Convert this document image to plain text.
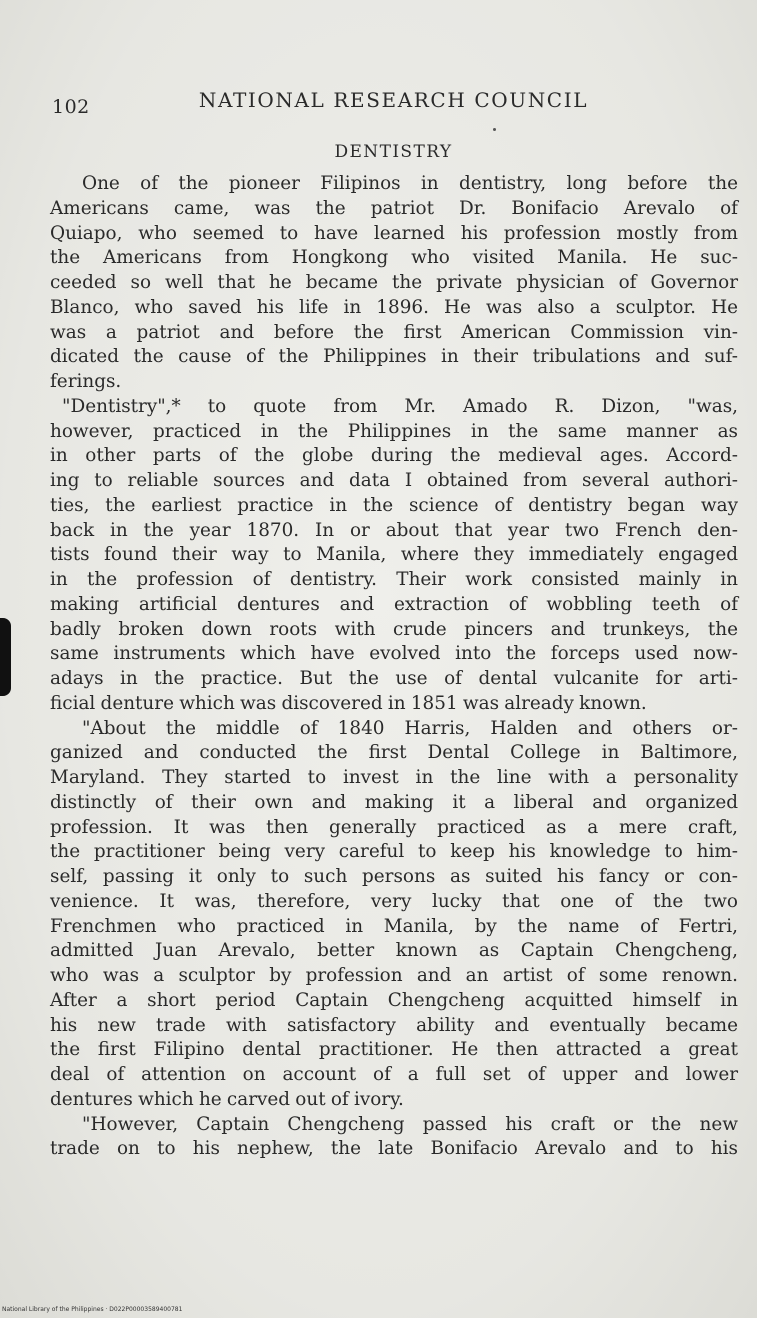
102	NATIONAL RESEARCH COUNCIL
DENTISTRY
One of the pioneer Filipinos in dentistry, long before the
Americans came, was the patriot Dr. Bonifacio Arevalo of
Quiapo, who seemed to have learned his profession mostly from
the Americans from Hongkong who visited Manila. He suc-
ceeded so well that he became the private physician of Governor
Blanco, who saved his life in 1896. He was also a sculptor. He
was a patriot and before the first American Commission vin-
dicated the cause of the Philippines in their tribulations and suf-
ferings.
"Dentistry",* to quote from Mr. Amado R. Dizon, "was,
however, practiced in the Philippines in the same manner as
in other parts of the globe during the medieval ages. Accord-
ing to reliable sources and data I obtained from several authori-
ties, the earliest practice in the science of dentistry began way
back in the year 1870. In or about that year two French den-
tists found their way to Manila, where they immediately engaged
in the profession of dentistry. Their work consisted mainly in
making artificial dentures and extraction of wobbling teeth of
badly broken down roots with crude pincers and trunkeys, the
same instruments which have evolved into the forceps used now-
adays in the practice. But the use of dental vulcanite for arti-
ficial denture which was discovered in 1851 was already known.
"About the middle of 1840 Harris, Halden and others or-
ganized and conducted the first Dental College in Baltimore,
Maryland. They started to invest in the line with a personality
distinctly of their own and making it a liberal and organized
profession. It was then generally practiced as a mere craft,
the practitioner being very careful to keep his knowledge to him-
self, passing it only to such persons as suited his fancy or con-
venience. It was, therefore, very lucky that one of the two
Frenchmen who practiced in Manila, by the name of Fertri,
admitted Juan Arevalo, better known as Captain Chengcheng,
who was a sculptor by profession and an artist of some renown.
After a short period Captain Chengcheng acquitted himself in
his new trade with satisfactory ability and eventually became
the first Filipino dental practitioner. He then attracted a great
deal of attention on account of a full set of upper and lower
dentures which he carved out of ivory.
"However, Captain Chengcheng passed his craft or the new
trade on to his nephew, the late Bonifacio Arevalo and to his
National Library of the Philippines · D022P00003589400781
